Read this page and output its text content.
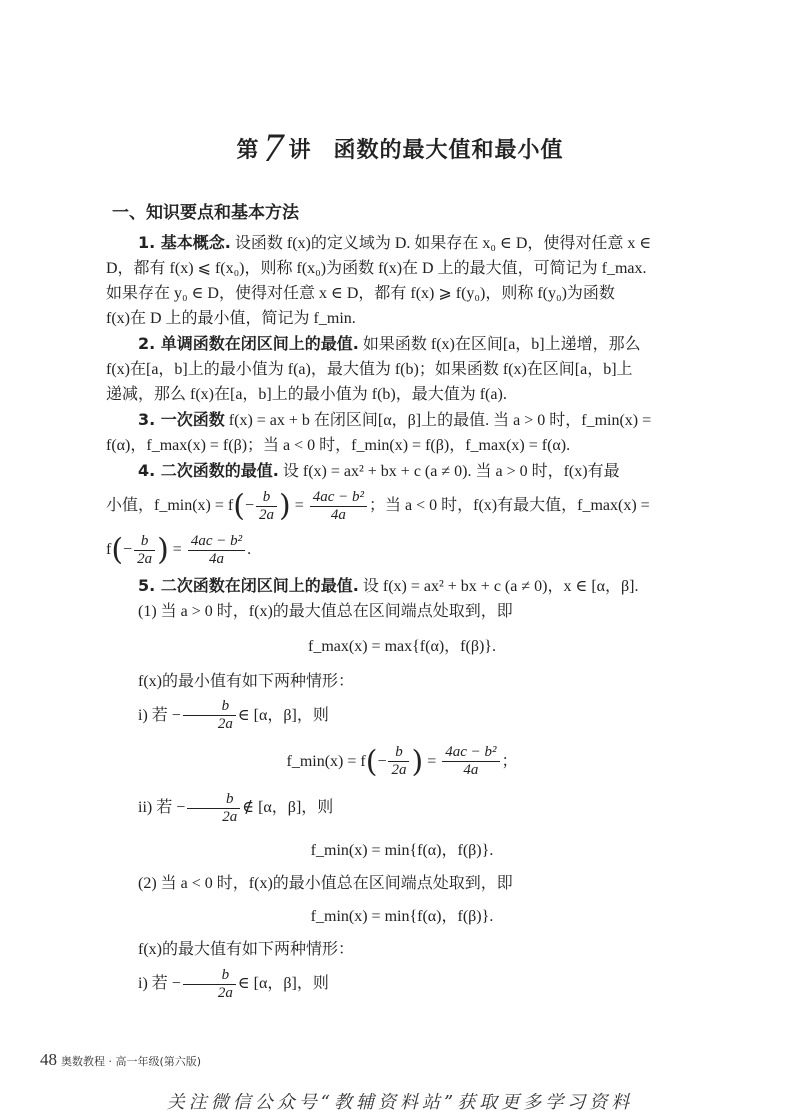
第 7 讲 函数的最大值和最小值
一、知识要点和基本方法

1. 基本概念. 设函数 f(x)的定义域为 D. 如果存在 x₀ ∈ D，使得对任意 x ∈

D，都有 f(x) ⩽ f(x₀)，则称 f(x₀)为函数 f(x)在 D 上的最大值，可简记为 f_max.

如果存在 y₀ ∈ D，使得对任意 x ∈ D，都有 f(x) ⩾ f(y₀)，则称 f(y₀)为函数

f(x)在 D 上的最小值，简记为 f_min.

2. 单调函数在闭区间上的最值. 如果函数 f(x)在区间[a，b]上递增，那么

f(x)在[a，b]上的最小值为 f(a)，最大值为 f(b)；如果函数 f(x)在区间[a，b]上

递减，那么 f(x)在[a，b]上的最小值为 f(b)，最大值为 f(a).

3. 一次函数 f(x) = ax + b 在闭区间[α，β]上的最值. 当 a > 0 时，f_min(x) =

f(α)，f_max(x) = f(β)；当 a < 0 时，f_min(x) = f(β)，f_max(x) = f(α).

4. 二次函数的最值. 设 f(x) = ax² + bx + c (a ≠ 0). 当 a > 0 时，f(x)有最

小值，f_min(x) = $f(- \frac{b}{2a}$ ) = $\frac{\text{4ac − b²}}{4a}$ ；当 a < 0 时，f(x)有最大值，f_max(x) =

$f(- \frac{b}{2a}$ ) = $\frac{\text{4ac − b²}}{4a}$ .

5. 二次函数在闭区间上的最值. 设 f(x) = ax² + bx + c (a ≠ 0)，x ∈ [α，β].

(1) 当 a > 0 时，f(x)的最大值总在区间端点处取到，即

f_max(x) = max{f(α)，f(β)}.

f(x)的最小值有如下两种情形：

i) 若 − $\frac{b}{2a}$ ∈ [α，β]，则

f_min(x) = $f(- \frac{b}{2a}$ ) = $\frac{\text{4ac − b²}}{4a}$ ；

ii) 若 − $\frac{b}{2a}$ ∉ [α，β]，则

f_min(x) = min{f(α)，f(β)}.

(2) 当 a < 0 时，f(x)的最小值总在区间端点处取到，即

f_min(x) = min{f(α)，f(β)}.

f(x)的最大值有如下两种情形：

i) 若 − $\frac{b}{2a}$ ∈ [α，β]，则

48 奥数教程 · 高一年级(第六版)
关注微信公众号“教辅资料站”获取更多学习资料
